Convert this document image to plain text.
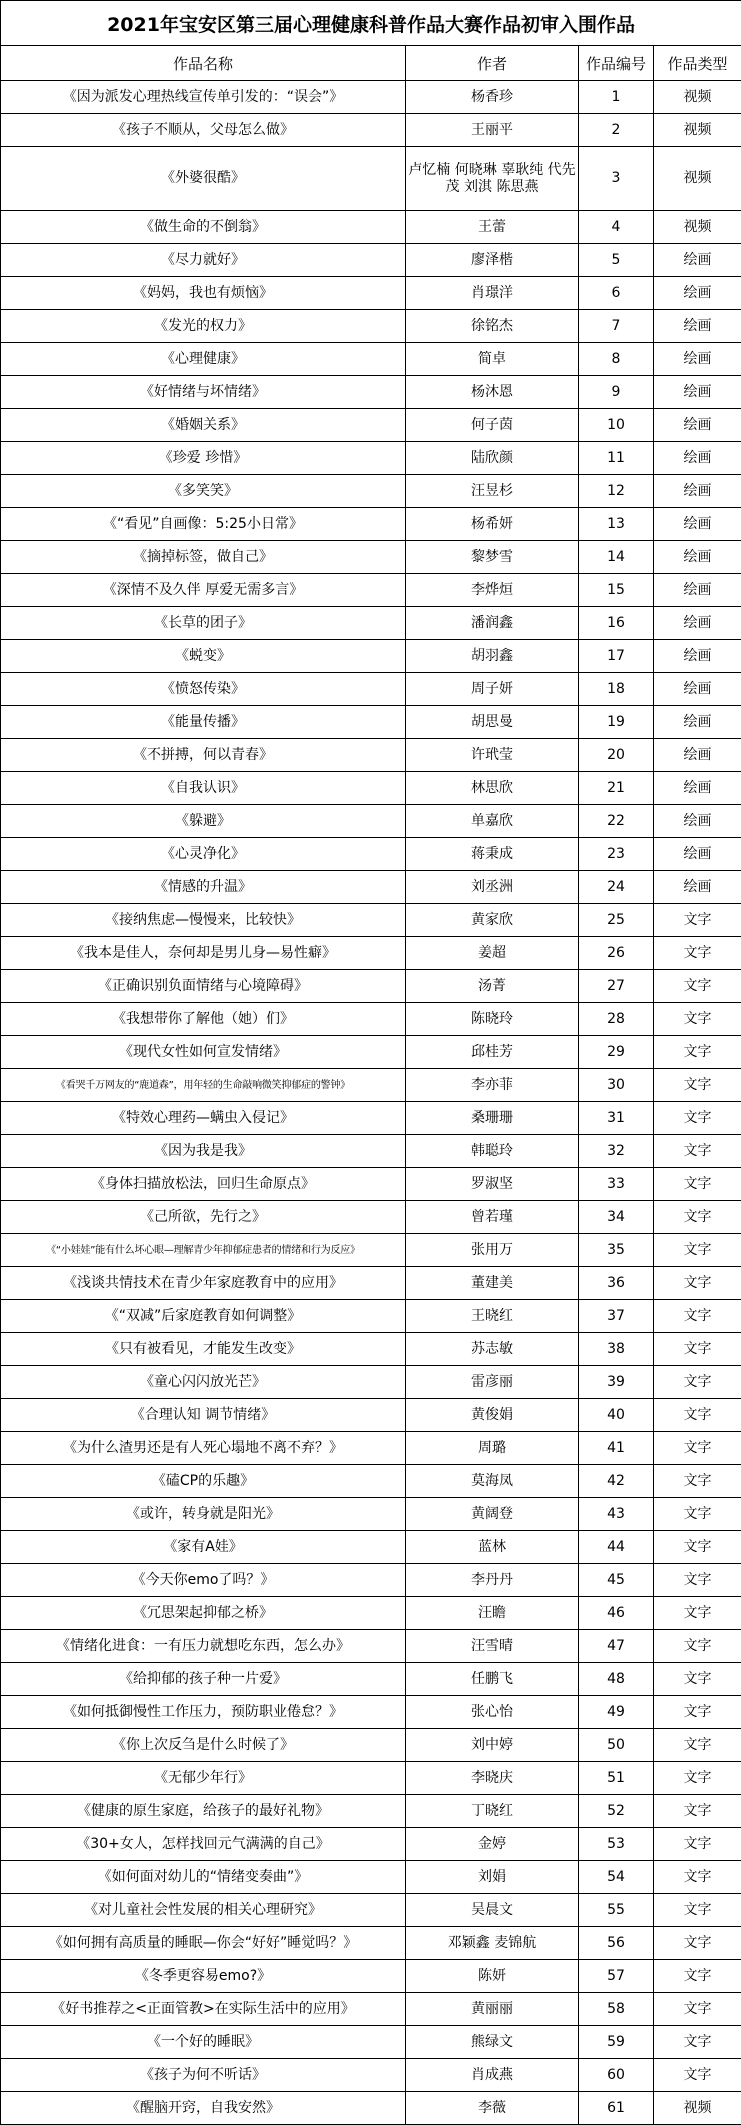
2021年宝安区第三届心理健康科普作品大赛作品初审入围作品			
作品名称	作者	作品编号	作品类型
《因为派发心理热线宣传单引发的：“误会”》	杨香珍	1	视频
《孩子不顺从，父母怎么做》	王丽平	2	视频
《外婆很酷》	卢忆楠 何晓琳 辜耿纯 代先茂 刘淇 陈思燕	3	视频
《做生命的不倒翁》	王蕾	4	视频
《尽力就好》	廖泽楷	5	绘画
《妈妈，我也有烦恼》	肖璟洋	6	绘画
《发光的权力》	徐铭杰	7	绘画
《心理健康》	简卓	8	绘画
《好情绪与坏情绪》	杨沐恩	9	绘画
《婚姻关系》	何子茵	10	绘画
《珍爱 珍惜》	陆欣颜	11	绘画
《多笑笑》	汪昱杉	12	绘画
《“看见”自画像：5:25小日常》	杨希妍	13	绘画
《摘掉标签，做自己》	黎梦雪	14	绘画
《深情不及久伴 厚爱无需多言》	李烨烜	15	绘画
《长草的团子》	潘润鑫	16	绘画
《蜕变》	胡羽鑫	17	绘画
《愤怒传染》	周子妍	18	绘画
《能量传播》	胡思曼	19	绘画
《不拼搏，何以青春》	许玳莹	20	绘画
《自我认识》	林思欣	21	绘画
《躲避》	单嘉欣	22	绘画
《心灵净化》	蒋秉成	23	绘画
《情感的升温》	刘丞洲	24	绘画
《接纳焦虑—慢慢来，比较快》	黄家欣	25	文字
《我本是佳人，奈何却是男儿身—易性癖》	姜超	26	文字
《正确识别负面情绪与心境障碍》	汤菁	27	文字
《我想带你了解他（她）们》	陈晓玲	28	文字
《现代女性如何宣发情绪》	邱桂芳	29	文字
《看哭千万网友的“鹿道森”，用年轻的生命敲响微笑抑郁症的警钟》	李亦菲	30	文字
《特效心理药—螨虫入侵记》	桑珊珊	31	文字
《因为我是我》	韩聪玲	32	文字
《身体扫描放松法，回归生命原点》	罗淑坚	33	文字
《己所欲，先行之》	曾若瑾	34	文字
《“小娃娃”能有什么坏心眼—理解青少年抑郁症患者的情绪和行为反应》	张用万	35	文字
《浅谈共情技术在青少年家庭教育中的应用》	董建美	36	文字
《“双减”后家庭教育如何调整》	王晓红	37	文字
《只有被看见，才能发生改变》	苏志敏	38	文字
《童心闪闪放光芒》	雷彦丽	39	文字
《合理认知 调节情绪》	黄俊娟	40	文字
《为什么渣男还是有人死心塌地不离不弃？》	周璐	41	文字
《磕CP的乐趣》	莫海凤	42	文字
《或许，转身就是阳光》	黄阔登	43	文字
《家有A娃》	蓝林	44	文字
《今天你emo了吗？》	李丹丹	45	文字
《冗思架起抑郁之桥》	汪瞻	46	文字
《情绪化进食：一有压力就想吃东西，怎么办》	汪雪晴	47	文字
《给抑郁的孩子种一片爱》	任鹏飞	48	文字
《如何抵御慢性工作压力，预防职业倦怠？》	张心怡	49	文字
《你上次反刍是什么时候了》	刘中婷	50	文字
《无郁少年行》	李晓庆	51	文字
《健康的原生家庭，给孩子的最好礼物》	丁晓红	52	文字
《30+女人，怎样找回元气满满的自己》	金婷	53	文字
《如何面对幼儿的“情绪变奏曲”》	刘娟	54	文字
《对儿童社会性发展的相关心理研究》	吴晨文	55	文字
《如何拥有高质量的睡眠—你会“好好”睡觉吗？》	邓颖鑫 麦锦航	56	文字
《冬季更容易emo?》	陈妍	57	文字
《好书推荐之<正面管教>在实际生活中的应用》	黄丽丽	58	文字
《一个好的睡眠》	熊绿文	59	文字
《孩子为何不听话》	肖成燕	60	文字
《醒脑开窍，自我安然》	李薇	61	视频
